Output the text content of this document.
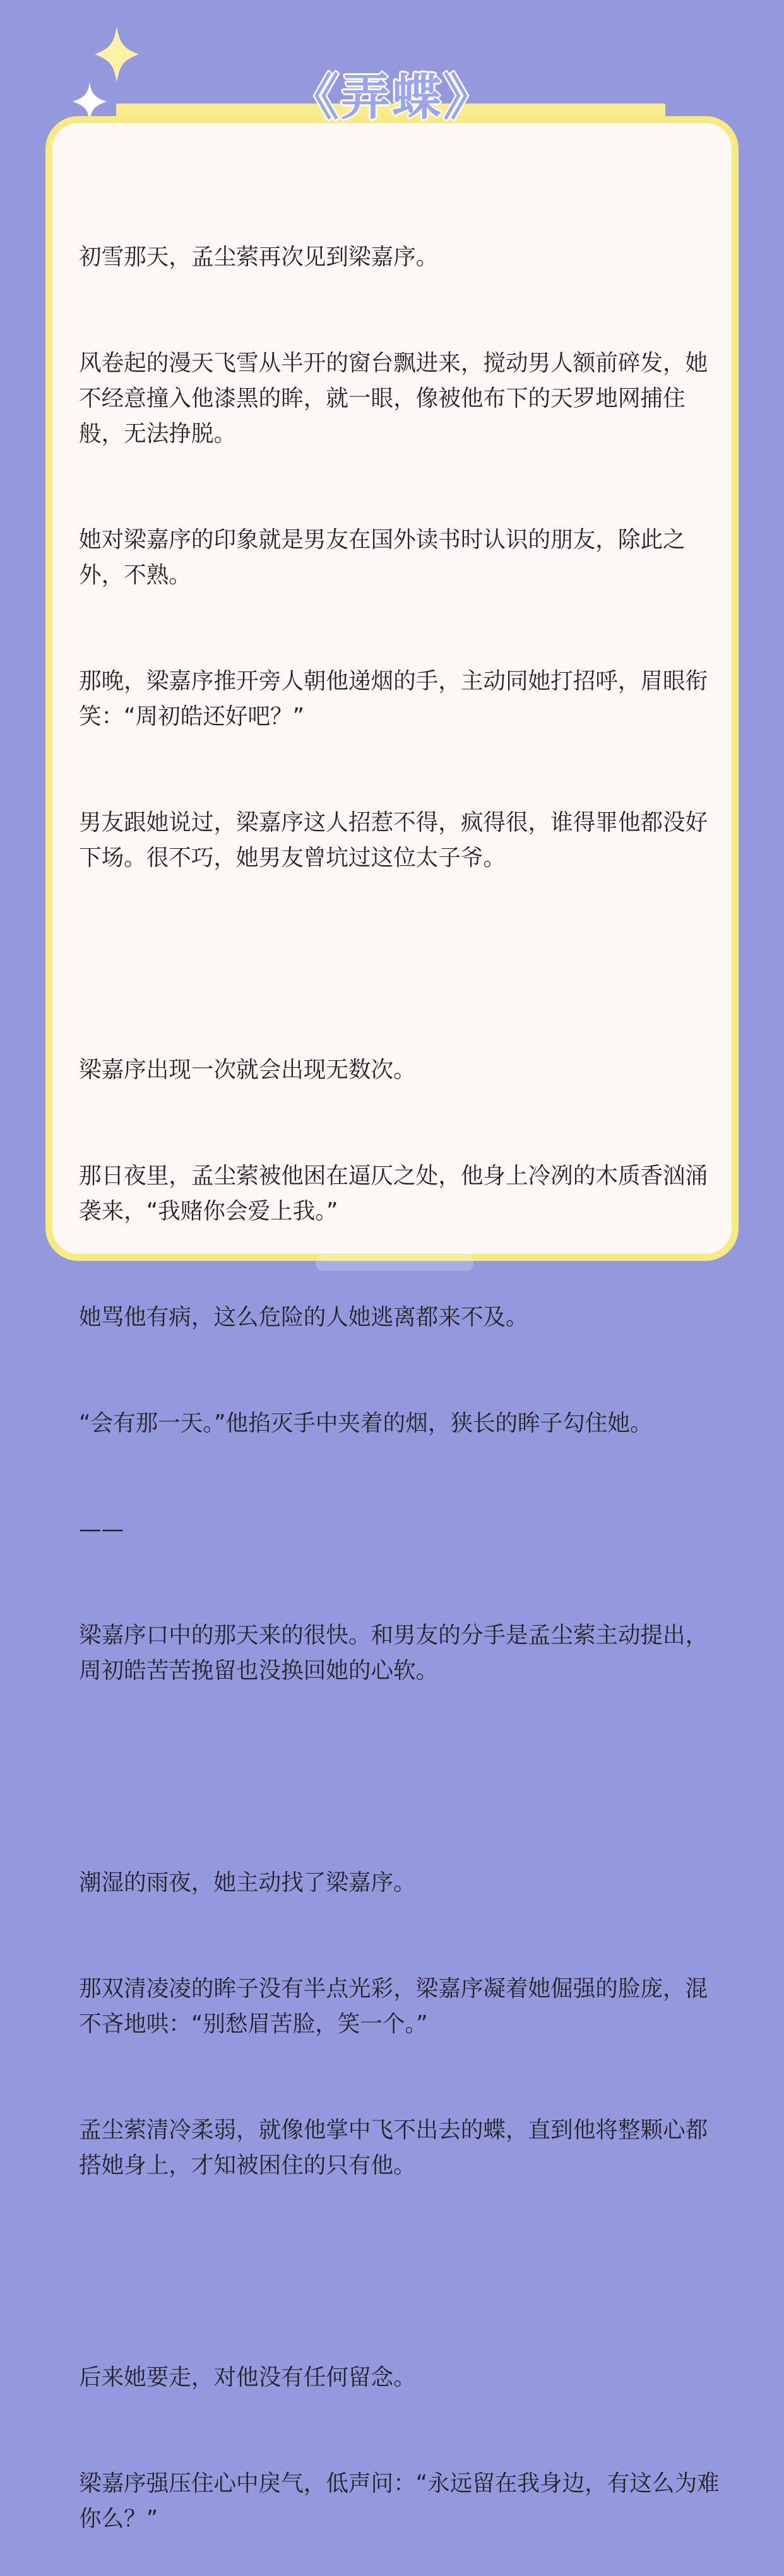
《弄蝶》

初雪那天，孟尘萦再次见到梁嘉序。

风卷起的漫天飞雪从半开的窗台飘进来，搅动男人额前碎发，她不经意撞入他漆黑的眸，就一眼，像被他布下的天罗地网捕住般，无法挣脱。

她对梁嘉序的印象就是男友在国外读书时认识的朋友，除此之外，不熟。

那晚，梁嘉序推开旁人朝他递烟的手，主动同她打招呼，眉眼衔笑：“周初皓还好吧？”

男友跟她说过，梁嘉序这人招惹不得，疯得很，谁得罪他都没好下场。很不巧，她男友曾坑过这位太子爷。

梁嘉序出现一次就会出现无数次。

那日夜里，孟尘萦被他困在逼仄之处，他身上冷冽的木质香汹涌袭来，“我赌你会爱上我。”

她骂他有病，这么危险的人她逃离都来不及。

“会有那一天。”他掐灭手中夹着的烟，狭长的眸子勾住她。

——

梁嘉序口中的那天来的很快。和男友的分手是孟尘萦主动提出，周初皓苦苦挽留也没换回她的心软。

潮湿的雨夜，她主动找了梁嘉序。

那双清凌凌的眸子没有半点光彩，梁嘉序凝着她倔强的脸庞，混不吝地哄：“别愁眉苦脸，笑一个。”

孟尘萦清冷柔弱，就像他掌中飞不出去的蝶，直到他将整颗心都搭她身上，才知被困住的只有他。

后来她要走，对他没有任何留念。

梁嘉序强压住心中戾气，低声问：“永远留在我身边，有这么为难你么？”
